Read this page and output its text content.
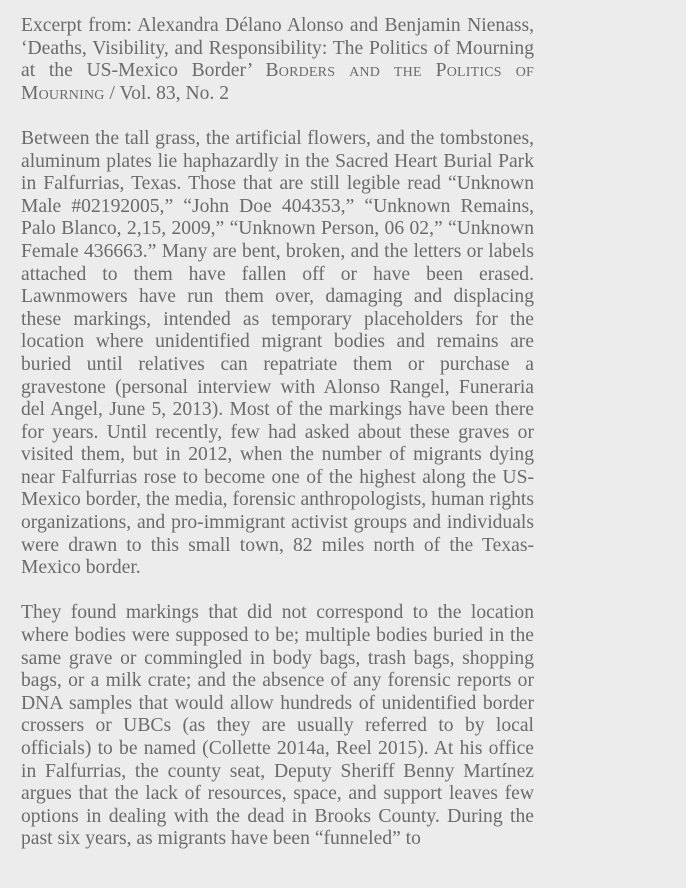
Excerpt from: Alexandra Délano Alonso and Benjamin Nienass, ‘Deaths, Visibility, and Responsibility: The Politics of Mourning at the US-Mexico Border’ Borders and the Politics of Mourning / Vol. 83, No. 2

Between the tall grass, the artificial flowers, and the tombstones, aluminum plates lie haphazardly in the Sacred Heart Burial Park in Falfurrias, Texas. Those that are still legible read “Unknown Male #02192005,” “John Doe 404353,” “Unknown Remains, Palo Blanco, 2,15, 2009,” “Unknown Person, 06 02,” “Unknown Female 436663.” Many are bent, broken, and the letters or labels attached to them have fallen off or have been erased. Lawnmowers have run them over, damaging and displacing these markings, intended as temporary placeholders for the location where unidentified migrant bodies and remains are buried until relatives can repatriate them or purchase a gravestone (personal interview with Alonso Rangel, Funeraria del Angel, June 5, 2013). Most of the markings have been there for years. Until recently, few had asked about these graves or visited them, but in 2012, when the number of migrants dying near Falfurrias rose to become one of the highest along the US-Mexico border, the media, forensic anthropologists, human rights organizations, and pro-immigrant activist groups and individuals were drawn to this small town, 82 miles north of the Texas-Mexico border.

They found markings that did not correspond to the location where bodies were supposed to be; multiple bodies buried in the same grave or commingled in body bags, trash bags, shopping bags, or a milk crate; and the absence of any forensic reports or DNA samples that would allow hundreds of unidentified border crossers or UBCs (as they are usually referred to by local officials) to be named (Collette 2014a, Reel 2015). At his office in Falfurrias, the county seat, Deputy Sheriff Benny Martínez argues that the lack of resources, space, and support leaves few options in dealing with the dead in Brooks County. During the past six years, as migrants have been “funneled” to
